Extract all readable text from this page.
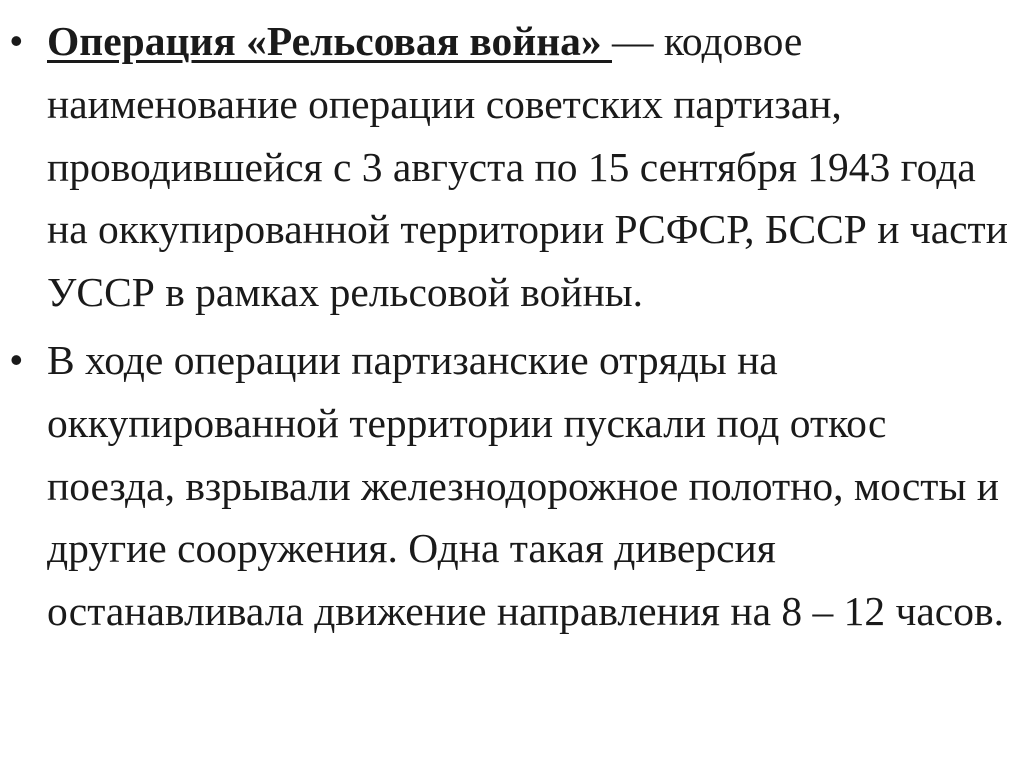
• Операция «Рельсовая война» — кодовое наименование операции советских партизан, проводившейся с 3 августа по 15 сентября 1943 года на оккупированной территории РСФСР, БССР и части УССР в рамках рельсовой войны.
• В ходе операции партизанские отряды на оккупированной территории пускали под откос поезда, взрывали железнодорожное полотно, мосты и другие сооружения. Одна такая диверсия останавливала движение направления на 8 – 12 часов.
